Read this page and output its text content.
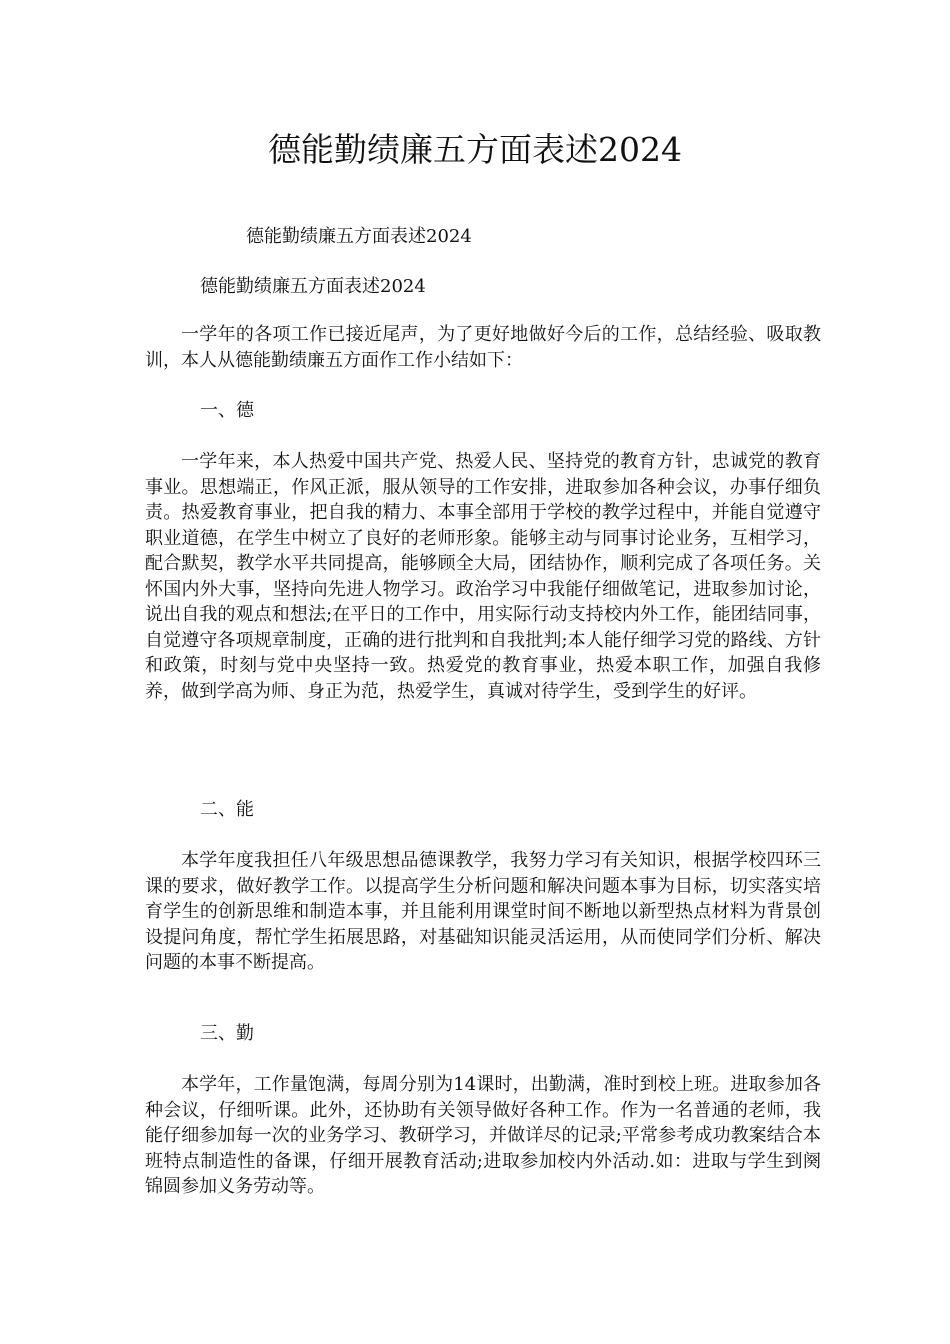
德能勤绩廉五方面表述2024
德能勤绩廉五方面表述2024
德能勤绩廉五方面表述2024
一学年的各项工作已接近尾声，为了更好地做好今后的工作，总结经验、吸取教训，本人从德能勤绩廉五方面作工作小结如下：
一、德
一学年来，本人热爱中国共产党、热爱人民、坚持党的教育方针，忠诚党的教育事业。思想端正，作风正派，服从领导的工作安排，进取参加各种会议，办事仔细负责。热爱教育事业，把自我的精力、本事全部用于学校的教学过程中，并能自觉遵守职业道德，在学生中树立了良好的老师形象。能够主动与同事讨论业务，互相学习，配合默契，教学水平共同提高，能够顾全大局，团结协作，顺利完成了各项任务。关怀国内外大事，坚持向先进人物学习。政治学习中我能仔细做笔记，进取参加讨论，说出自我的观点和想法;在平日的工作中，用实际行动支持校内外工作，能团结同事，自觉遵守各项规章制度，正确的进行批判和自我批判;本人能仔细学习党的路线、方针和政策，时刻与党中央坚持一致。热爱党的教育事业，热爱本职工作，加强自我修养，做到学高为师、身正为范，热爱学生，真诚对待学生，受到学生的好评。
二、能
本学年度我担任八年级思想品德课教学，我努力学习有关知识，根据学校四环三课的要求，做好教学工作。以提高学生分析问题和解决问题本事为目标，切实落实培育学生的创新思维和制造本事，并且能利用课堂时间不断地以新型热点材料为背景创设提问角度，帮忙学生拓展思路，对基础知识能灵活运用，从而使同学们分析、解决问题的本事不断提高。
三、勤
本学年，工作量饱满，每周分别为14课时，出勤满，准时到校上班。进取参加各种会议，仔细听课。此外，还协助有关领导做好各种工作。作为一名普通的老师，我能仔细参加每一次的业务学习、教研学习，并做详尽的记录;平常参考成功教案结合本班特点制造性的备课，仔细开展教育活动;进取参加校内外活动.如：进取与学生到阕锦圆参加义务劳动等。
